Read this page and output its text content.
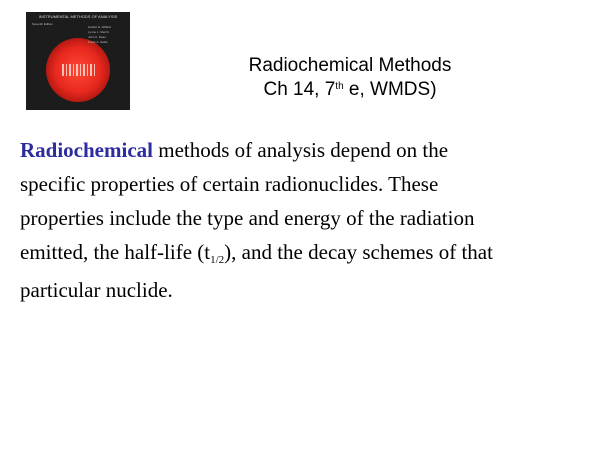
INSTRUMENTAL METHODS OF ANALYSIS
Seventh Edition
Hobart H. Willard
Lynne L. Merritt
John A. Dean
Frank A. Settle
Radiochemical Methods
Ch 14, 7th e, WMDS)
Radiochemical methods of analysis depend on the
specific properties of certain radionuclides. These
properties include the type and energy of the radiation
emitted, the half-life (t1/2), and the decay schemes of that
particular nuclide.
